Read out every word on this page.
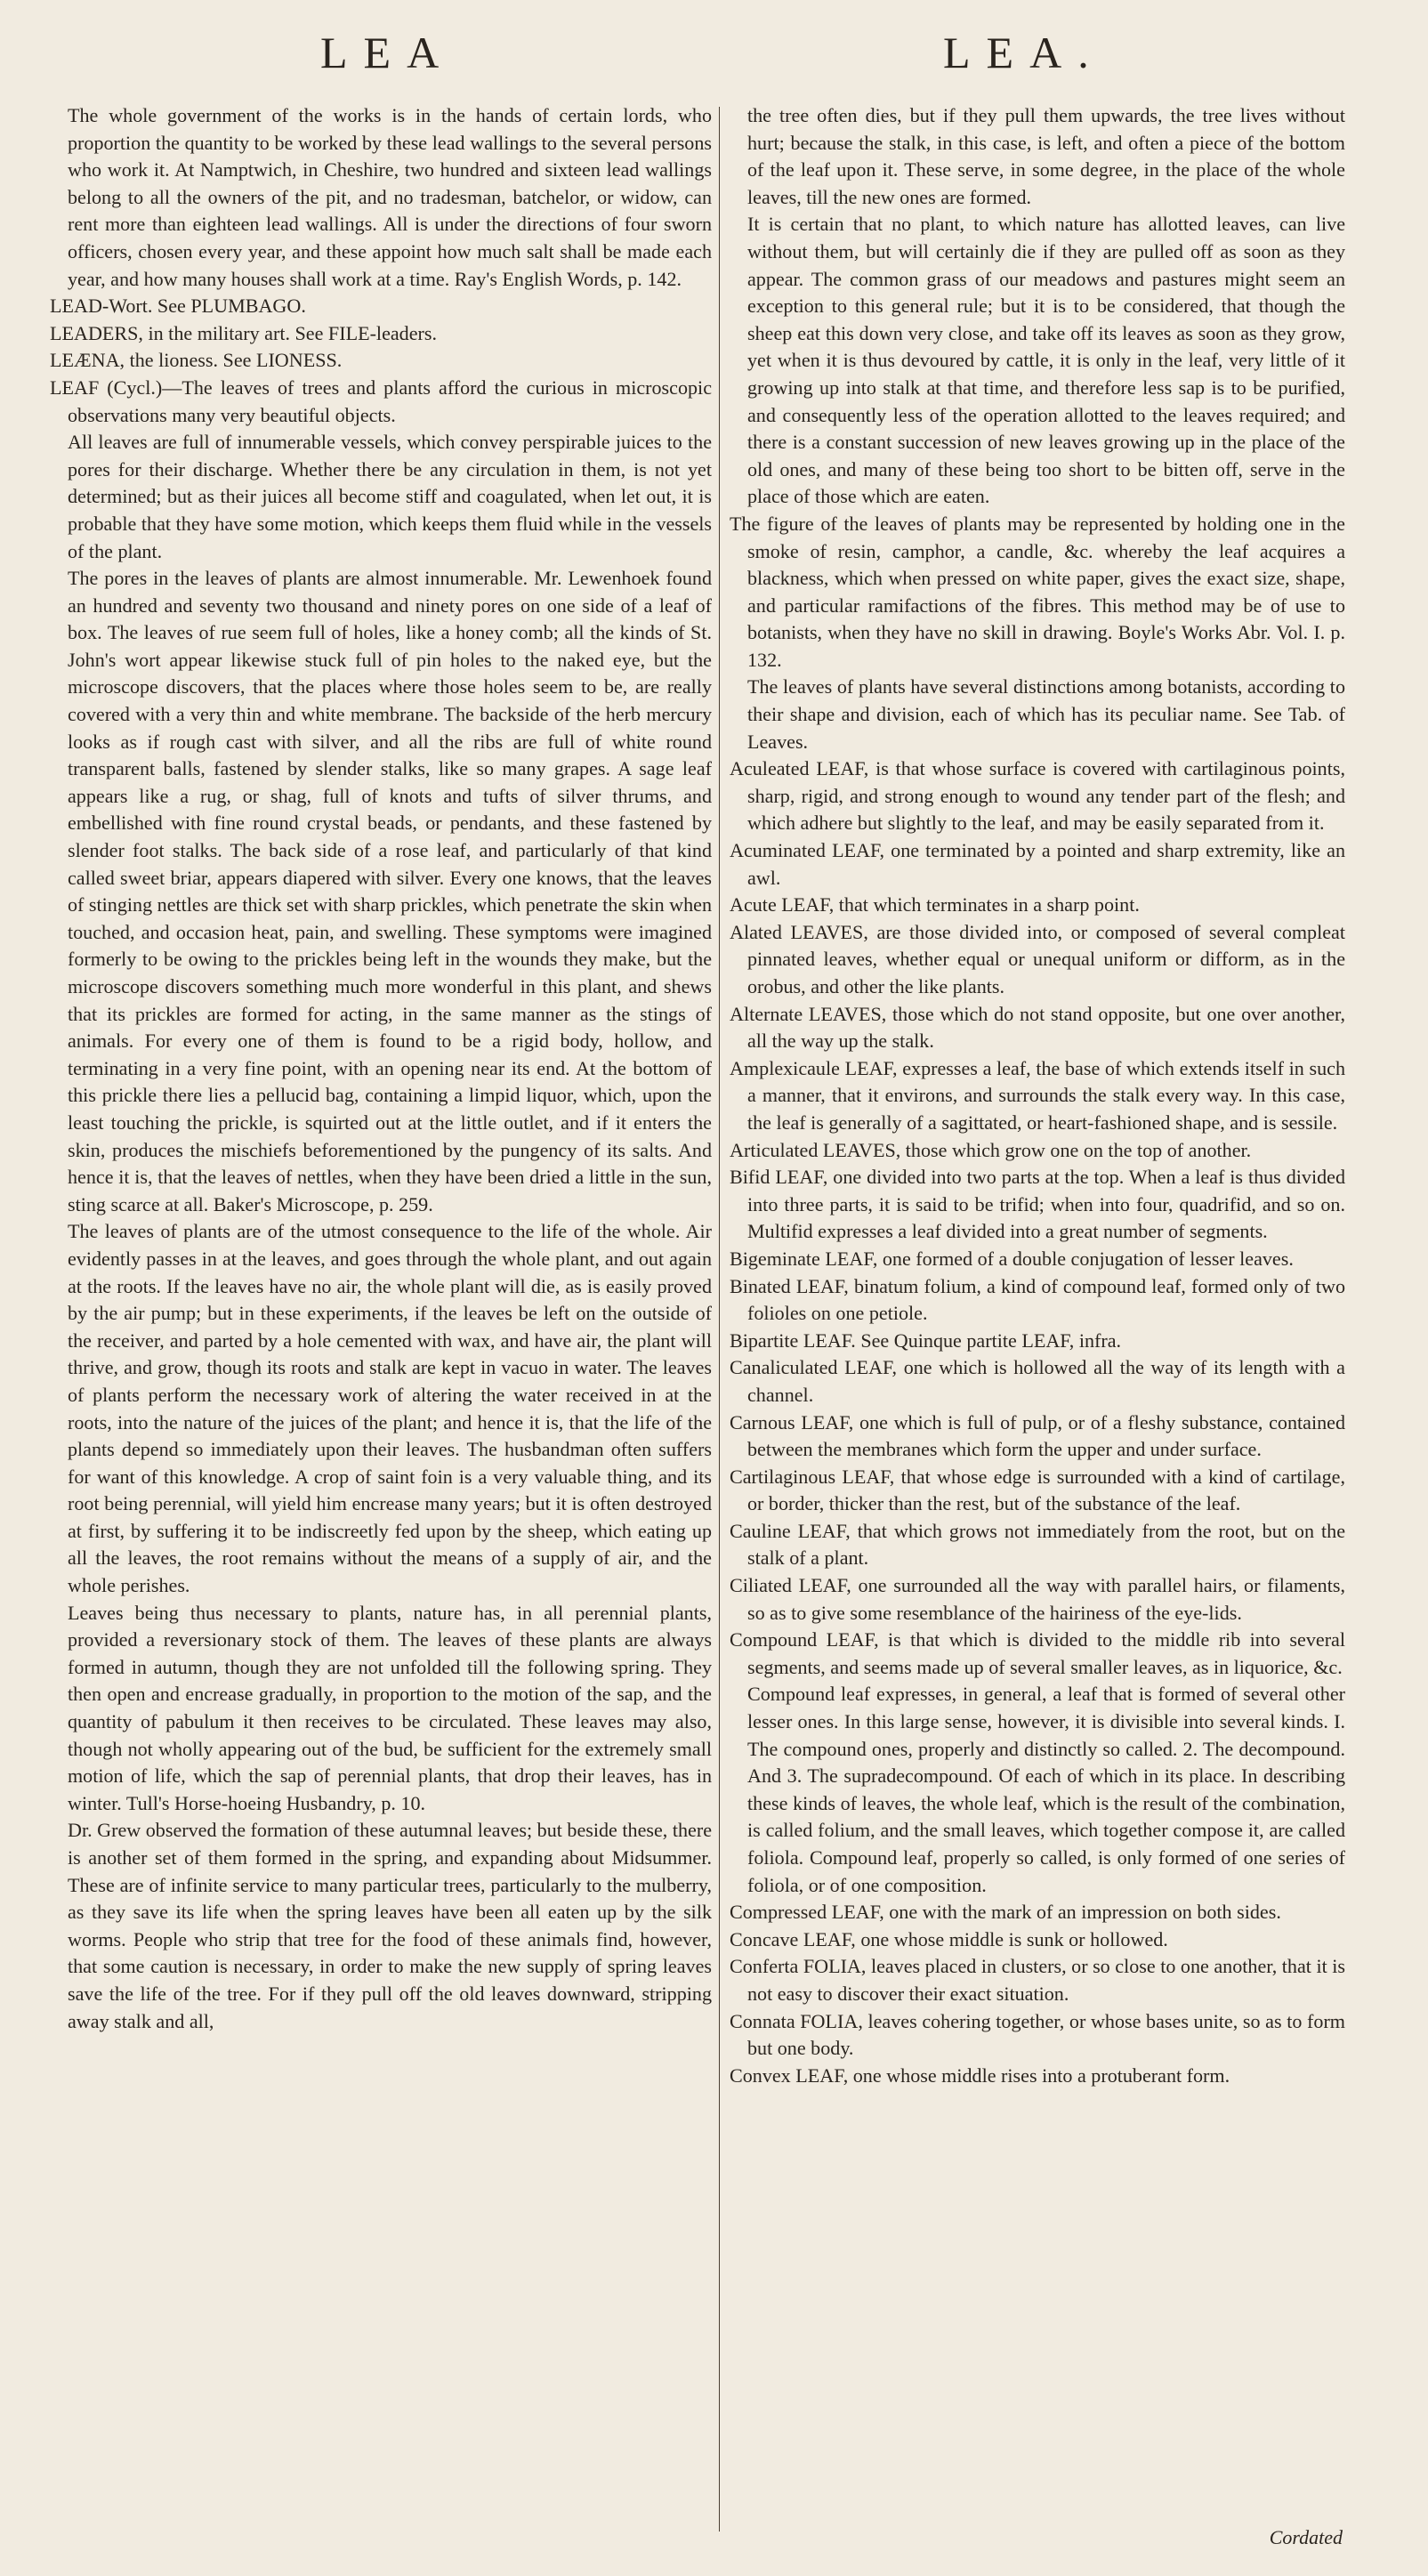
LEA	LEA.

The whole government of the works is in the hands of certain lords, who proportion the quantity to be worked by these lead wallings to the several persons who work it. At Namptwich, in Cheshire, two hundred and sixteen lead wallings belong to all the owners of the pit, and no tradesman, batchelor, or widow, can rent more than eighteen lead wallings. All is under the directions of four sworn officers, chosen every year, and these appoint how much salt shall be made each year, and how many houses shall work at a time. Ray's English Words, p. 142.

LEAD-Wort. See PLUMBAGO.

LEADERS, in the military art. See FILE-leaders.

LEÆNA, the lioness. See LIONESS.

LEAF (Cycl.)—The leaves of trees and plants afford the curious in microscopic observations many very beautiful objects.

All leaves are full of innumerable vessels, which convey perspirable juices to the pores for their discharge. Whether there be any circulation in them, is not yet determined; but as their juices all become stiff and coagulated, when let out, it is probable that they have some motion, which keeps them fluid while in the vessels of the plant.

The pores in the leaves of plants are almost innumerable. Mr. Lewenhoek found an hundred and seventy two thousand and ninety pores on one side of a leaf of box. The leaves of rue seem full of holes, like a honey comb; all the kinds of St. John's wort appear likewise stuck full of pin holes to the naked eye, but the microscope discovers, that the places where those holes seem to be, are really covered with a very thin and white membrane. The backside of the herb mercury looks as if rough cast with silver, and all the ribs are full of white round transparent balls, fastened by slender stalks, like so many grapes. A sage leaf appears like a rug, or shag, full of knots and tufts of silver thrums, and embellished with fine round crystal beads, or pendants, and these fastened by slender foot stalks. The back side of a rose leaf, and particularly of that kind called sweet briar, appears diapered with silver. Every one knows, that the leaves of stinging nettles are thick set with sharp prickles, which penetrate the skin when touched, and occasion heat, pain, and swelling. These symptoms were imagined formerly to be owing to the prickles being left in the wounds they make, but the microscope discovers something much more wonderful in this plant, and shews that its prickles are formed for acting, in the same manner as the stings of animals. For every one of them is found to be a rigid body, hollow, and terminating in a very fine point, with an opening near its end. At the bottom of this prickle there lies a pellucid bag, containing a limpid liquor, which, upon the least touching the prickle, is squirted out at the little outlet, and if it enters the skin, produces the mischiefs beforementioned by the pungency of its salts. And hence it is, that the leaves of nettles, when they have been dried a little in the sun, sting scarce at all. Baker's Microscope, p. 259.

The leaves of plants are of the utmost consequence to the life of the whole. Air evidently passes in at the leaves, and goes through the whole plant, and out again at the roots. If the leaves have no air, the whole plant will die, as is easily proved by the air pump; but in these experiments, if the leaves be left on the outside of the receiver, and parted by a hole cemented with wax, and have air, the plant will thrive, and grow, though its roots and stalk are kept in vacuo in water. The leaves of plants perform the necessary work of altering the water received in at the roots, into the nature of the juices of the plant; and hence it is, that the life of the plants depend so immediately upon their leaves. The husbandman often suffers for want of this knowledge. A crop of saint foin is a very valuable thing, and its root being perennial, will yield him encrease many years; but it is often destroyed at first, by suffering it to be indiscreetly fed upon by the sheep, which eating up all the leaves, the root remains without the means of a supply of air, and the whole perishes.

Leaves being thus necessary to plants, nature has, in all perennial plants, provided a reversionary stock of them. The leaves of these plants are always formed in autumn, though they are not unfolded till the following spring. They then open and encrease gradually, in proportion to the motion of the sap, and the quantity of pabulum it then receives to be circulated. These leaves may also, though not wholly appearing out of the bud, be sufficient for the extremely small motion of life, which the sap of perennial plants, that drop their leaves, has in winter. Tull's Horse-hoeing Husbandry, p. 10.

Dr. Grew observed the formation of these autumnal leaves; but beside these, there is another set of them formed in the spring, and expanding about Midsummer. These are of infinite service to many particular trees, particularly to the mulberry, as they save its life when the spring leaves have been all eaten up by the silk worms. People who strip that tree for the food of these animals find, however, that some caution is necessary, in order to make the new supply of spring leaves save the life of the tree. For if they pull off the old leaves downward, stripping away stalk and all,

the tree often dies, but if they pull them upwards, the tree lives without hurt; because the stalk, in this case, is left, and often a piece of the bottom of the leaf upon it. These serve, in some degree, in the place of the whole leaves, till the new ones are formed.

It is certain that no plant, to which nature has allotted leaves, can live without them, but will certainly die if they are pulled off as soon as they appear. The common grass of our meadows and pastures might seem an exception to this general rule; but it is to be considered, that though the sheep eat this down very close, and take off its leaves as soon as they grow, yet when it is thus devoured by cattle, it is only in the leaf, very little of it growing up into stalk at that time, and therefore less sap is to be purified, and consequently less of the operation allotted to the leaves required; and there is a constant succession of new leaves growing up in the place of the old ones, and many of these being too short to be bitten off, serve in the place of those which are eaten.

The figure of the leaves of plants may be represented by holding one in the smoke of resin, camphor, a candle, &c. whereby the leaf acquires a blackness, which when pressed on white paper, gives the exact size, shape, and particular ramifactions of the fibres. This method may be of use to botanists, when they have no skill in drawing. Boyle's Works Abr. Vol. I. p. 132.

The leaves of plants have several distinctions among botanists, according to their shape and division, each of which has its peculiar name. See Tab. of Leaves.

Aculeated LEAF, is that whose surface is covered with cartilaginous points, sharp, rigid, and strong enough to wound any tender part of the flesh; and which adhere but slightly to the leaf, and may be easily separated from it.

Acuminated LEAF, one terminated by a pointed and sharp extremity, like an awl.

Acute LEAF, that which terminates in a sharp point.

Alated LEAVES, are those divided into, or composed of several compleat pinnated leaves, whether equal or unequal uniform or difform, as in the orobus, and other the like plants.

Alternate LEAVES, those which do not stand opposite, but one over another, all the way up the stalk.

Amplexicaule LEAF, expresses a leaf, the base of which extends itself in such a manner, that it environs, and surrounds the stalk every way. In this case, the leaf is generally of a sagittated, or heart-fashioned shape, and is sessile.

Articulated LEAVES, those which grow one on the top of another.

Bifid LEAF, one divided into two parts at the top. When a leaf is thus divided into three parts, it is said to be trifid; when into four, quadrifid, and so on. Multifid expresses a leaf divided into a great number of segments.

Bigeminate LEAF, one formed of a double conjugation of lesser leaves.

Binated LEAF, binatum folium, a kind of compound leaf, formed only of two folioles on one petiole.

Bipartite LEAF. See Quinque partite LEAF, infra.

Canaliculated LEAF, one which is hollowed all the way of its length with a channel.

Carnous LEAF, one which is full of pulp, or of a fleshy substance, contained between the membranes which form the upper and under surface.

Cartilaginous LEAF, that whose edge is surrounded with a kind of cartilage, or border, thicker than the rest, but of the substance of the leaf.

Cauline LEAF, that which grows not immediately from the root, but on the stalk of a plant.

Ciliated LEAF, one surrounded all the way with parallel hairs, or filaments, so as to give some resemblance of the hairiness of the eye-lids.

Compound LEAF, is that which is divided to the middle rib into several segments, and seems made up of several smaller leaves, as in liquorice, &c.

Compound leaf expresses, in general, a leaf that is formed of several other lesser ones. In this large sense, however, it is divisible into several kinds. I. The compound ones, properly and distinctly so called. 2. The decompound. And 3. The supradecompound. Of each of which in its place. In describing these kinds of leaves, the whole leaf, which is the result of the combination, is called folium, and the small leaves, which together compose it, are called foliola. Compound leaf, properly so called, is only formed of one series of foliola, or of one composition.

Compressed LEAF, one with the mark of an impression on both sides.

Concave LEAF, one whose middle is sunk or hollowed.

Conferta FOLIA, leaves placed in clusters, or so close to one another, that it is not easy to discover their exact situation.

Connata FOLIA, leaves cohering together, or whose bases unite, so as to form but one body.

Convex LEAF, one whose middle rises into a protuberant form.

Cordated
